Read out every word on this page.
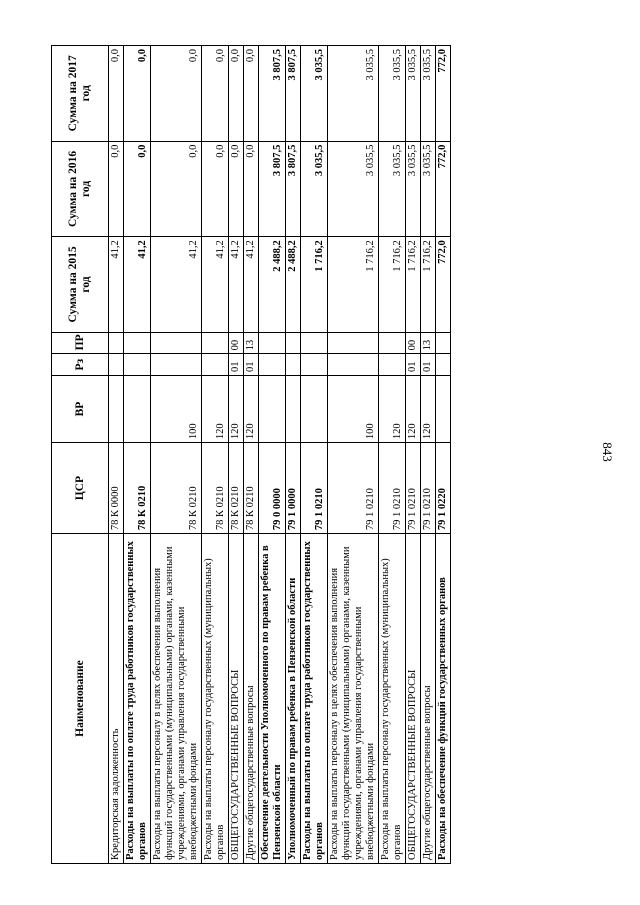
843
Наименование	ЦСР	ВР	Рз	ПР	Сумма на 2015 год	Сумма на 2016 год	Сумма на 2017 год
Кредиторская задолженность	78 К 0000				41,2	0,0	0,0
Расходы на выплаты по оплате труда работников государственных органов	78 К 0210				41,2	0,0	0,0
Расходы на выплаты персоналу в целях обеспечения выполнения функций государственными (муниципальными) органами, казенными учреждениями, органами управления государственными внебюджетными фондами	78 К 0210	100			41,2	0,0	0,0
Расходы на выплаты персоналу государственных (муниципальных) органов	78 К 0210	120			41,2	0,0	0,0
ОБЩЕГОСУДАРСТВЕННЫЕ ВОПРОСЫ	78 К 0210	120	01	00	41,2	0,0	0,0
Другие общегосударственные вопросы	78 К 0210	120	01	13	41,2	0,0	0,0
Обеспечение деятельности Уполномоченного по правам ребенка в Пензенской области	79 0 0000				2 488,2	3 807,5	3 807,5
Уполномоченный по правам ребенка в Пензенской области	79 1 0000				2 488,2	3 807,5	3 807,5
Расходы на выплаты по оплате труда работников государственных органов	79 1 0210				1 716,2	3 035,5	3 035,5
Расходы на выплаты персоналу в целях обеспечения выполнения функций государственными (муниципальными) органами, казенными учреждениями, органами управления государственными внебюджетными фондами	79 1 0210	100			1 716,2	3 035,5	3 035,5
Расходы на выплаты персоналу государственных (муниципальных) органов	79 1 0210	120			1 716,2	3 035,5	3 035,5
ОБЩЕГОСУДАРСТВЕННЫЕ ВОПРОСЫ	79 1 0210	120	01	00	1 716,2	3 035,5	3 035,5
Другие общегосударственные вопросы	79 1 0210	120	01	13	1 716,2	3 035,5	3 035,5
Расходы на обеспечение функций государственных органов	79 1 0220				772,0	772,0	772,0
